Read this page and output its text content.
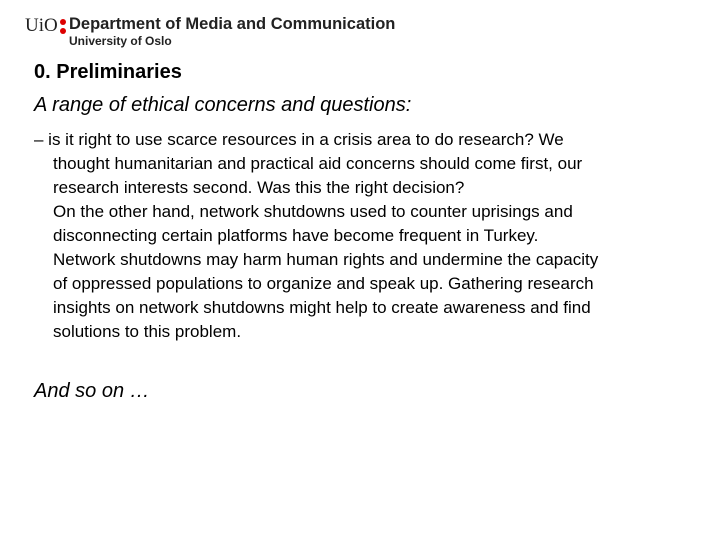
UiO Department of Media and Communication
University of Oslo
0. Preliminaries
A range of ethical concerns and questions:
– is it right to use scarce resources in a crisis area to do research? We
thought humanitarian and practical aid concerns should come first, our
research interests second. Was this the right decision?
On the other hand, network shutdowns used to counter uprisings and
disconnecting certain platforms have become frequent in Turkey.
Network shutdowns may harm human rights and undermine the capacity
of oppressed populations to organize and speak up. Gathering research
insights on network shutdowns might help to create awareness and find
solutions to this problem.
And so on …
